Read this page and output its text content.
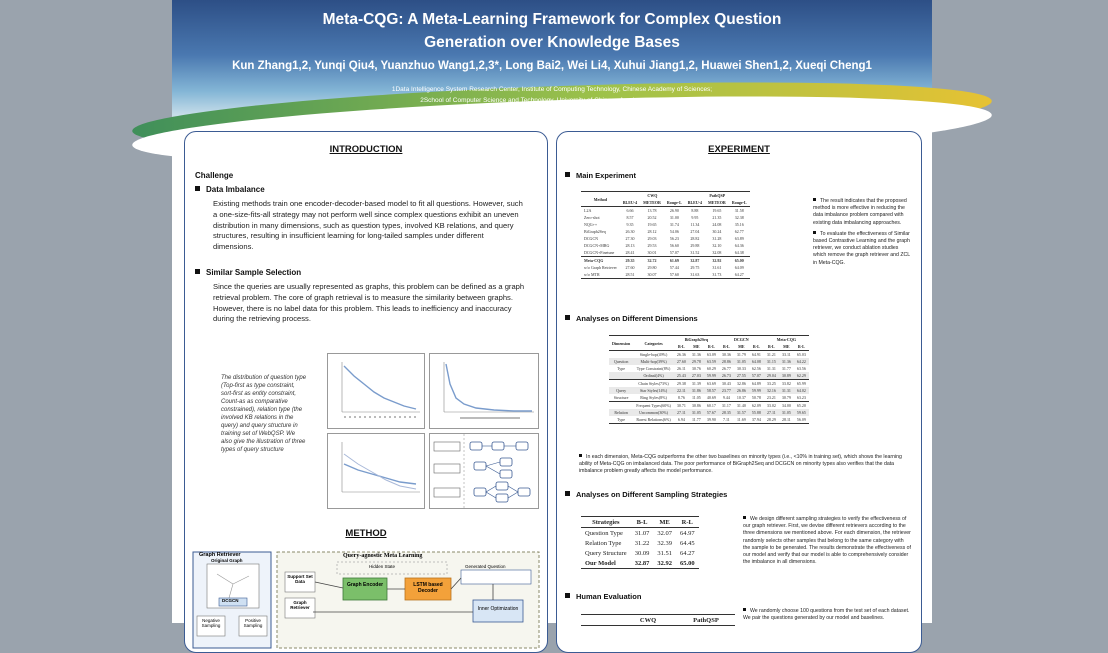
Meta-CQG: A Meta-Learning Framework for Complex Question
Generation over Knowledge Bases
Kun Zhang1,2, Yunqi Qiu4, Yuanzhuo Wang1,2,3*, Long Bai2, Wei Li4, Xuhui Jiang1,2, Huawei Shen1,2, Xueqi Cheng1
1Data Intelligence System Research Center, Institute of Computing Technology, Chinese Academy of Sciences;
2School of Computer Science and Technology, University of Chinese Academy of Sciences;
3Big Data Academy, Zhongke; 4Baidu Inc.
INTRODUCTION
Challenge
Data Imbalance
Existing methods train one encoder-decoder-based model to fit all questions. However, such a one-size-fits-all strategy may not perform well since complex questions exhibit an uneven distribution in many dimensions, such as question types, involved KB relations, and query structures, resulting in insufficient learning for long-tailed samples under different dimensions.
Similar Sample Selection
Since the queries are usually represented as graphs, this problem can be defined as a graph retrieval problem. The core of graph retrieval is to measure the similarity between graphs. However, there is no label data for this problem. This leads to inefficiency and inaccuracy during the retrieving process.
The distribution of question type (Top-first as type constraint, sort-first as entity constraint, Count-as as comparative constrained), relation type (the involved KB relations in the query) and query structure in training set of WebQSP. We also give the illustration of three types of query structure
METHOD
Graph Retriever
Original Graph
DCGCN
Negative Sampling
Positive Sampling
Query-agnostic Meta Learning
Support Set Data
Graph Retriever
Hidden State
Graph Encoder	LSTM based Decoder
Generated Question
Inner Optimization
EXPERIMENT
Main Experiment
Method	CWQ			PathQSP		
	BLEU-4	METEOR	Rouge-L	BLEU-4	METEOR	Rouge-L
L2A	6.66	13.78	26.90	8.88	19.65	31.58
Zero-shot	8.57	20.52	31.00	9.95	21.35	32.38
NQG++	9.35	19.65	31.74	11.34	24.08	35.16
BiGraph2Seq	26.30	28.12	54.06	27.04	30.24	62.77
DCGCN	27.30	29.03	56.23	28.82	31.28	63.89
DCGCN+MRG	28.13	29.53	56.60	29.88	32.10	64.36
DCGCN+Finetune	28.41	30.01	57.07	31.52	32.08	64.38
Meta-CQG	29.35	32.72	61.69	32.87	32.92	65.00
w/o Graph Retriever	27.60	29.80	57.44	29.75	31.61	64.09
w/o MTR	28.51	30.07	57.60	31.63	31.73	64.27
The result indicates that the proposed method is more effective in reducing the data imbalance problem compared with existing data imbalancing approaches.
To evaluate the effectiveness of Similar based Contrastive Learning and the graph retriever, we conduct ablation studies which remove the graph retriever and ZCL in Meta-CQG.
Analyses on Different Dimensions
Dimension	Categories	BiGraph2Seq			DCGCN			Meta-CQG		
		B-L	ME	R-L	B-L	ME	R-L	B-L	ME	R-L
	Single-hop(49%)	26.36	31.36	63.09	30.36	31.79	64.91	31.21	33.11	65.03
Question	Multi-hop(39%)	27.60	29.78	63.59	28.86	31.05	64.08	31.15	31.36	64.22
Type	Type Constraint(8%)	26.11	30.76	60.29	26.77	30.33	62.56	31.31	31.77	63.56
	Ordinal(4%)	25.43	27.03	59.99	26.73	27.55	57.07	29.04	30.89	62.29
	Chain Styles(73%)	29.38	31.39	63.69	30.43	32.86	64.89	33.25	33.82	65.99
Query	Star Styles(14%)	22.11	31.86	58.57	23.77	26.86	59.99	32.16	31.31	64.02
Structure	Ring Styles(8%)	8.76	11.05	40.69	9.44	10.37	50.78	23.21	30.79	63.23
	Frequent Types(60%)	30.71	30.86	60.17	31.17	31.40	62.09	33.02	34.00	65.20
Relation	Uncommon(30%)	27.11	31.05	57.67	28.35	31.57	55.88	27.11	31.05	59.65
Type	Rarest Relations(6%)	6.94	11.77	39.90	7.11	11.69	37.94	28.29	28.11	56.09
In each dimension, Meta-CQG outperforms the other two baselines on minority types (i.e., <10% in training set), which shows the learning ability of Meta-CQG on imbalanced data. The poor performance of BiGraph2Seq and DCGCN on minority types also verifies that the data imbalance problem greatly affects the model performance.
Analyses on Different Sampling Strategies
Strategies	B-L	ME	R-L
Question Type	31.07	32.07	64.97
Relation Type	31.22	32.39	64.45
Query Structure	30.09	31.51	64.27
Our Model	32.87	32.92	65.00
We design different sampling strategies to verify the effectiveness of our graph retriever. First, we devise different retrievers according to the three dimensions we mentioned above. For each dimension, the retriever randomly selects other samples that belong to the same category with the sample to be generated. The results demonstrate the effectiveness of our model and verify that our model is able to comprehensively consider the imbalance in all dimensions.
Human Evaluation
	CWQ	PathQSP
We randomly choose 100 questions from the test set of each dataset. We pair the questions generated by our model and baselines.
